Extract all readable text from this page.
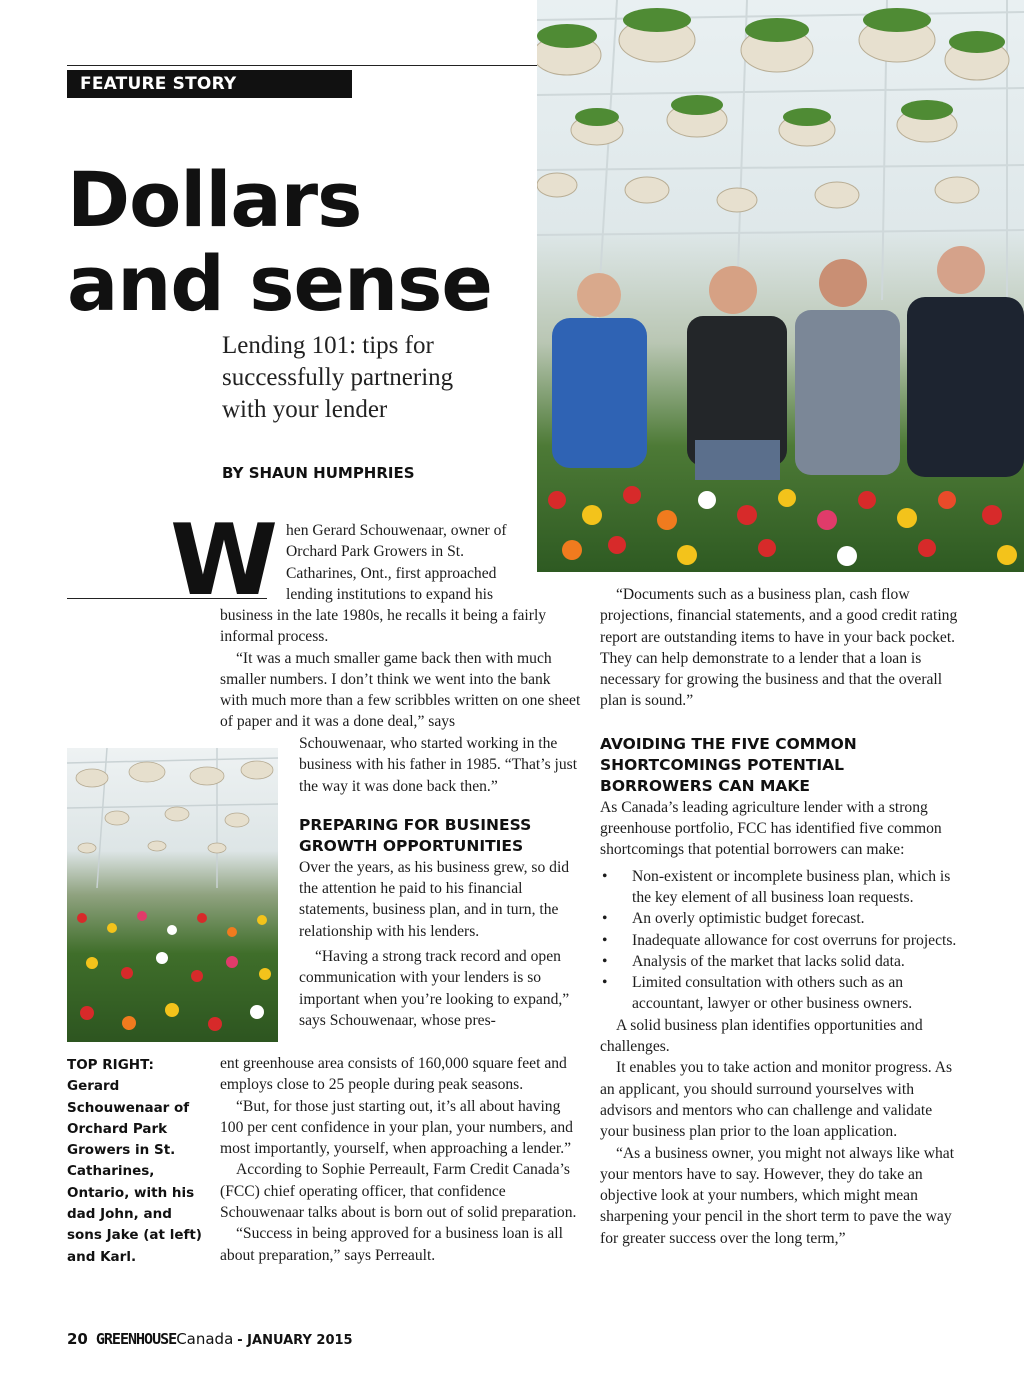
FEATURE STORY
Dollars
and sense
Lending 101: tips for successfully partnering with your lender
BY SHAUN HUMPHRIES
W hen Gerard Schouwenaar, owner of Orchard Park Growers in St. Catharines, Ont., first approached lending institutions to expand his

business in the late 1980s, he recalls it being a fairly informal process.

“It was a much smaller game back then with much smaller numbers. I don’t think we went into the bank with much more than a few scribbles written on one sheet of paper and it was a done deal,” says

Schouwenaar, who started working in the business with his father in 1985. “That’s just the way it was done back then.”

PREPARING FOR BUSINESS GROWTH OPPORTUNITIES

Over the years, as his business grew, so did the attention he paid to his financial statements, business plan, and in turn, the relationship with his lenders.

“Having a strong track record and open communication with your lenders is so important when you’re looking to expand,” says Schouwenaar, whose pres-

ent greenhouse area consists of 160,000 square feet and employs close to 25 people during peak seasons.

“But, for those just starting out, it’s all about having 100 per cent confidence in your plan, your numbers, and most importantly, yourself, when approaching a lender.”

According to Sophie Perreault, Farm Credit Canada’s (FCC) chief operating officer, that confidence Schouwenaar talks about is born out of solid preparation.

“Success in being approved for a business loan is all about preparation,” says Perreault.

TOP RIGHT: Gerard Schouwenaar of Orchard Park Growers in St. Catharines, Ontario, with his dad John, and sons Jake (at left) and Karl.

“Documents such as a business plan, cash flow projections, financial statements, and a good credit rating report are outstanding items to have in your back pocket. They can help demonstrate to a lender that a loan is necessary for growing the business and that the overall plan is sound.”

AVOIDING THE FIVE COMMON SHORTCOMINGS POTENTIAL BORROWERS CAN MAKE

As Canada’s leading agriculture lender with a strong greenhouse portfolio, FCC has identified five common shortcomings that potential borrowers can make:

• Non-existent or incomplete business plan, which is the key element of all business loan requests.
• An overly optimistic budget forecast.
• Inadequate allowance for cost overruns for projects.
• Analysis of the market that lacks solid data.
• Limited consultation with others such as an accountant, lawyer or other business owners.

A solid business plan identifies opportunities and challenges.

It enables you to take action and monitor progress. As an applicant, you should surround yourselves with advisors and mentors who can challenge and validate your business plan prior to the loan application.

“As a business owner, you might not always like what your mentors have to say. However, they do take an objective look at your numbers, which might mean sharpening your pencil in the short term to pave the way for greater success over the long term,”

20 GREENHOUSECanada - JANUARY 2015
